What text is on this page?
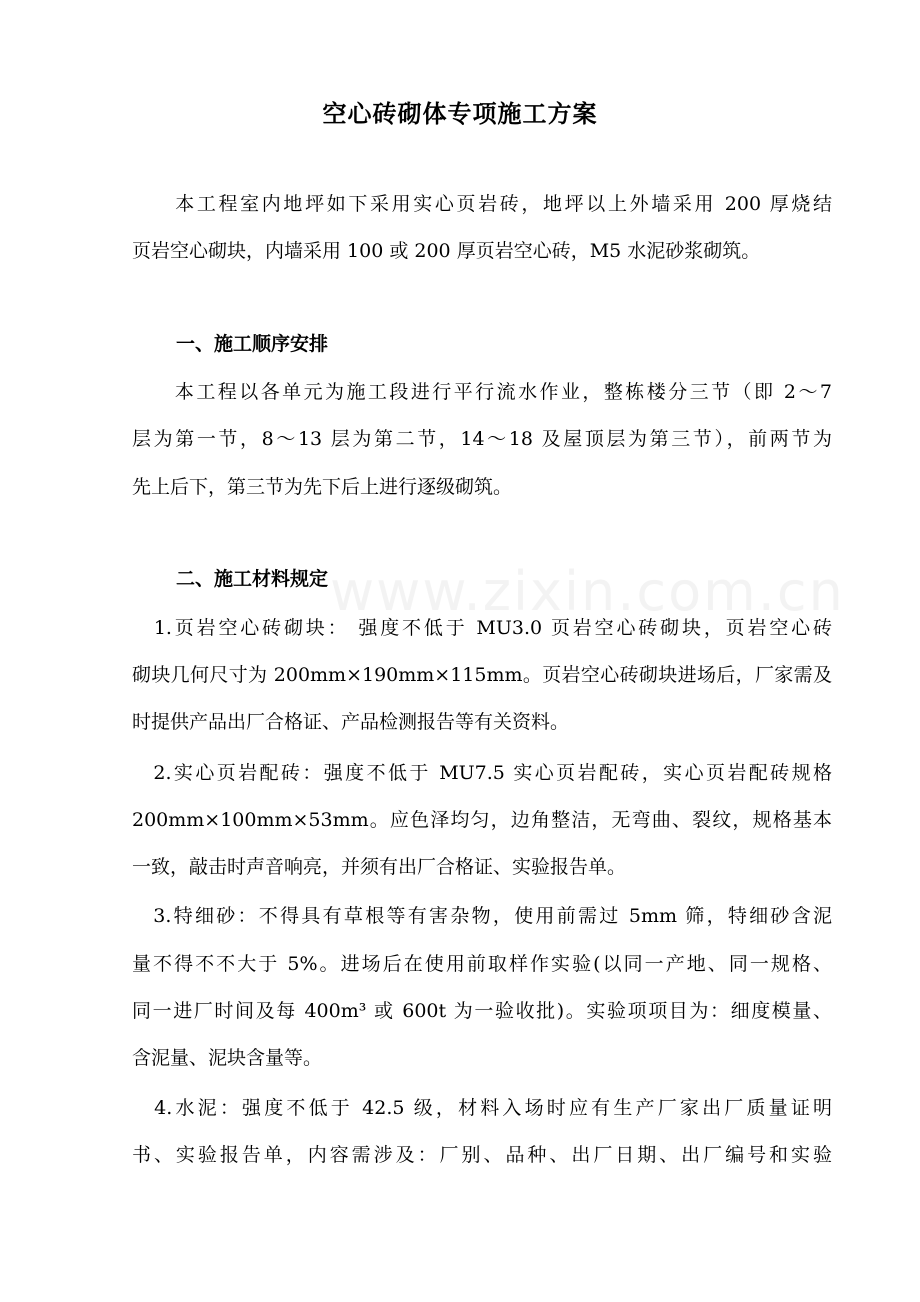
www.zixin.com.cn
空心砖砌体专项施工方案
　　本工程室内地坪如下采用实心页岩砖，地坪以上外墙采用 200 厚烧结
页岩空心砌块，内墙采用 100 或 200 厚页岩空心砖，M5 水泥砂浆砌筑。
一、施工顺序安排
　　本工程以各单元为施工段进行平行流水作业，整栋楼分三节（即 2～7
层为第一节，8～13 层为第二节，14～18 及屋顶层为第三节），前两节为
先上后下，第三节为先下后上进行逐级砌筑。
二、施工材料规定
　1.页岩空心砖砌块： 强度不低于 MU3.0 页岩空心砖砌块，页岩空心砖
砌块几何尺寸为 200mm×190mm×115mm。页岩空心砖砌块进场后，厂家需及
时提供产品出厂合格证、产品检测报告等有关资料。
　2.实心页岩配砖：强度不低于 MU7.5 实心页岩配砖，实心页岩配砖规格
200mm×100mm×53mm。应色泽均匀，边角整洁，无弯曲、裂纹，规格基本
一致，敲击时声音响亮，并须有出厂合格证、实验报告单。
　3.特细砂：不得具有草根等有害杂物，使用前需过 5mm 筛，特细砂含泥
量不得不不大于 5%。进场后在使用前取样作实验(以同一产地、同一规格、
同一进厂时间及每 400m³ 或 600t 为一验收批)。实验项项目为：细度模量、
含泥量、泥块含量等。
　4.水泥：强度不低于 42.5 级，材料入场时应有生产厂家出厂质量证明
书、实验报告单，内容需涉及：厂别、品种、出厂日期、出厂编号和实验
